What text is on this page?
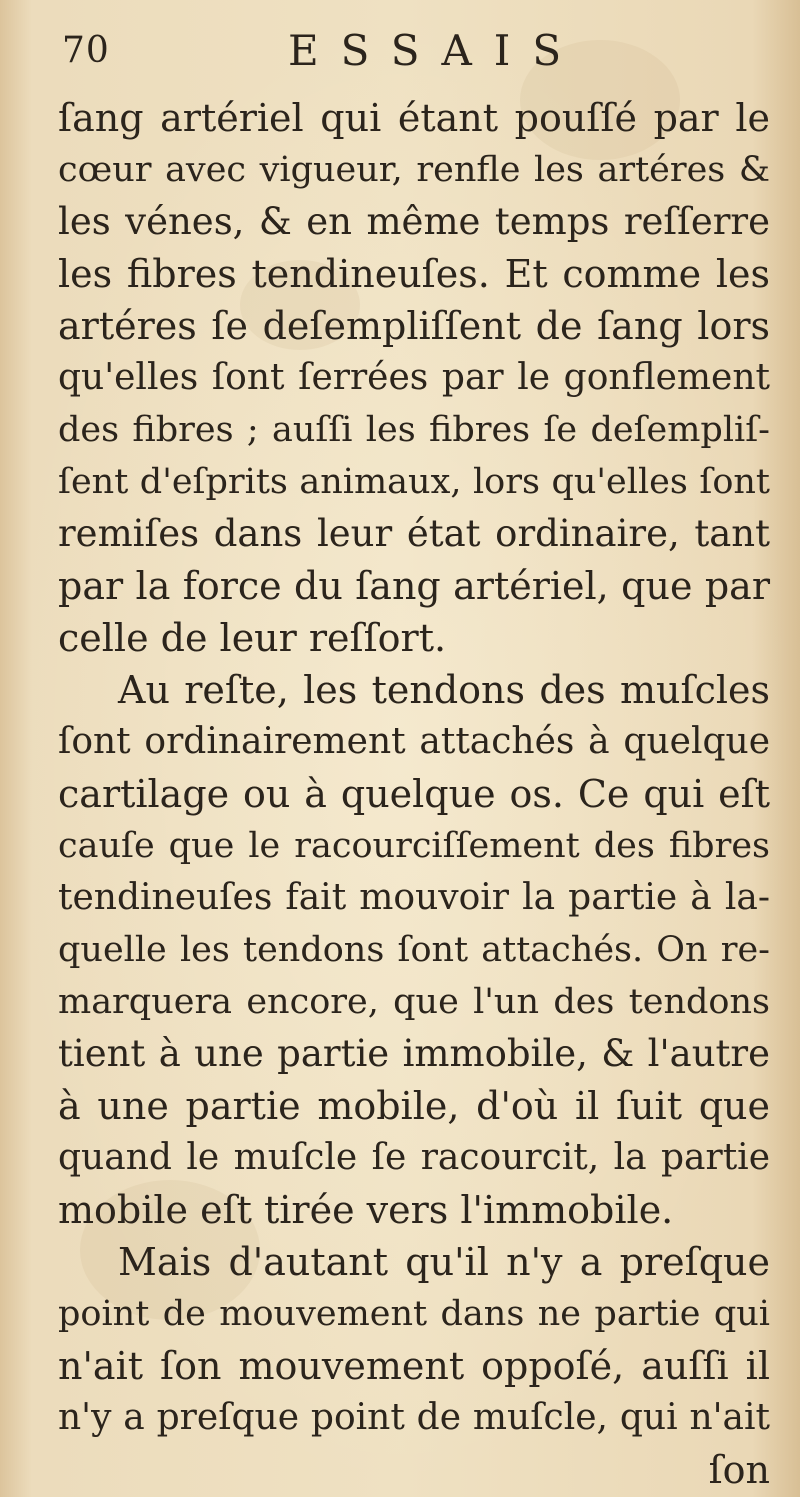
70	ESSAIS
ſang artériel qui étant pouſſé par le
cœur avec vigueur, renfle les artéres &
les vénes, & en même temps reſſerre
les fibres tendineuſes. Et comme les
artéres ſe deſempliſſent de ſang lors
qu'elles ſont ſerrées par le gonflement
des fibres ; auſſi les fibres ſe deſempliſ-
ſent d'eſprits animaux, lors qu'elles ſont
remiſes dans leur état ordinaire, tant
par la force du ſang artériel, que par
celle de leur reſſort.
Au reſte, les tendons des muſcles
ſont ordinairement attachés à quelque
cartilage ou à quelque os. Ce qui eſt
cauſe que le racourciſſement des fibres
tendineuſes fait mouvoir la partie à la-
quelle les tendons ſont attachés. On re-
marquera encore, que l'un des tendons
tient à une partie immobile, & l'autre
à une partie mobile, d'où il ſuit que
quand le muſcle ſe racourcit, la partie
mobile eſt tirée vers l'immobile.
Mais d'autant qu'il n'y a preſque
point de mouvement dans ne partie qui
n'ait ſon mouvement oppoſé, auſſi il
n'y a preſque point de muſcle, qui n'ait
ſon
